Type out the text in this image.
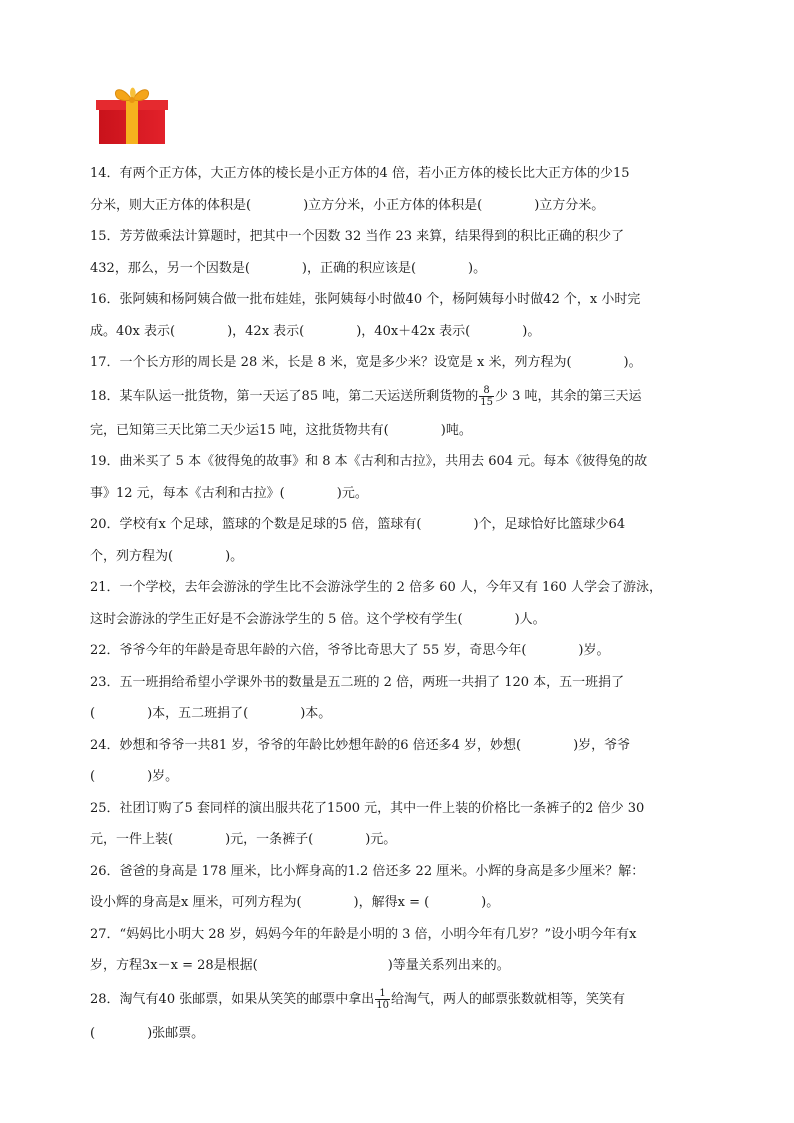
14．有两个正方体，大正方体的棱长是小正方体的4 倍，若小正方体的棱长比大正方体的少15

分米，则大正方体的体积是(　　　　)立方分米，小正方体的体积是(　　　　)立方分米。

15．芳芳做乘法计算题时，把其中一个因数 32 当作 23 来算，结果得到的积比正确的积少了

432，那么，另一个因数是(　　　　)，正确的积应该是(　　　　)。

16．张阿姨和杨阿姨合做一批布娃娃，张阿姨每小时做40 个，杨阿姨每小时做42 个，x 小时完

成。40x 表示(　　　　)，42x 表示(　　　　)，40x＋42x 表示(　　　　)。

17．一个长方形的周长是 28 米，长是 8 米，宽是多少米？设宽是 x 米，列方程为(　　　　)。

18．某车队运一批货物，第一天运了85 吨，第二天运送所剩货物的 $\frac{8}{15}$ 少 3 吨，其余的第三天运

完，已知第三天比第二天少运15 吨，这批货物共有(　　　　)吨。

19．曲米买了 5 本《彼得兔的故事》和 8 本《古利和古拉》，共用去 604 元。每本《彼得兔的故

事》12 元，每本《古利和古拉》(　　　　)元。

20．学校有x 个足球，篮球的个数是足球的5 倍，篮球有(　　　　)个，足球恰好比篮球少64

个，列方程为(　　　　)。

21．一个学校，去年会游泳的学生比不会游泳学生的 2 倍多 60 人，今年又有 160 人学会了游泳，

这时会游泳的学生正好是不会游泳学生的 5 倍。这个学校有学生(　　　　)人。

22．爷爷今年的年龄是奇思年龄的六倍，爷爷比奇思大了 55 岁，奇思今年(　　　　)岁。

23．五一班捐给希望小学课外书的数量是五二班的 2 倍，两班一共捐了 120 本，五一班捐了

(　　　　)本，五二班捐了(　　　　)本。

24．妙想和爷爷一共81 岁，爷爷的年龄比妙想年龄的6 倍还多4 岁，妙想(　　　　)岁，爷爷

(　　　　)岁。

25．社团订购了5 套同样的演出服共花了1500 元，其中一件上装的价格比一条裤子的2 倍少 30

元，一件上装(　　　　)元，一条裤子(　　　　)元。

26．爸爸的身高是 178 厘米，比小辉身高的1.2 倍还多 22 厘米。小辉的身高是多少厘米？解：

设小辉的身高是x 厘米，可列方程为(　　　　)，解得x = (　　　　)。

27．“妈妈比小明大 28 岁，妈妈今年的年龄是小明的 3 倍，小明今年有几岁？”设小明今年有x

岁，方程3x－x = 28是根据(　　　　　　　　　　)等量关系列出来的。

28．淘气有40 张邮票，如果从笑笑的邮票中拿出 $\frac{1}{10}$ 给淘气，两人的邮票张数就相等，笑笑有

(　　　　)张邮票。
